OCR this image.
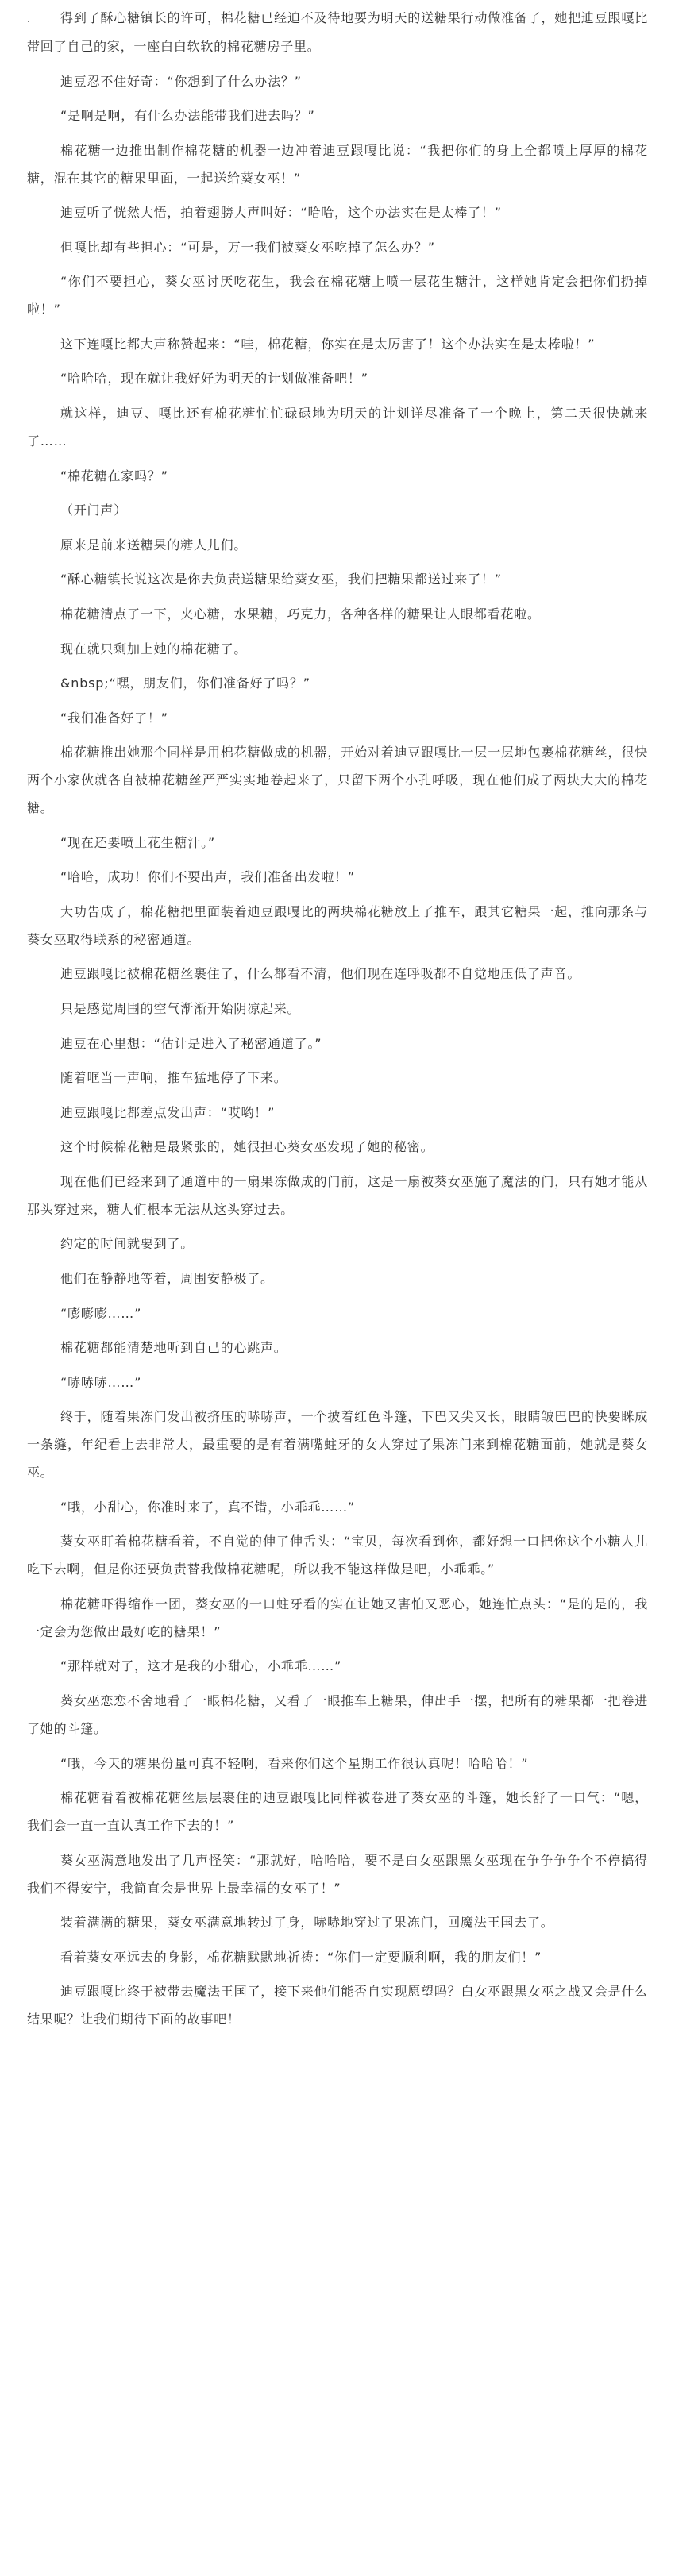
. 得到了酥心糖镇长的许可，棉花糖已经迫不及待地要为明天的送糖果行动做准备了，她把迪豆跟嘎比带回了自己的家，一座白白软软的棉花糖房子里。

迪豆忍不住好奇：“你想到了什么办法？”

“是啊是啊，有什么办法能带我们进去吗？”

棉花糖一边推出制作棉花糖的机器一边冲着迪豆跟嘎比说：“我把你们的身上全都喷上厚厚的棉花糖，混在其它的糖果里面，一起送给葵女巫！”

迪豆听了恍然大悟，拍着翅膀大声叫好：“哈哈，这个办法实在是太棒了！”

但嘎比却有些担心：“可是，万一我们被葵女巫吃掉了怎么办？”

“你们不要担心，葵女巫讨厌吃花生，我会在棉花糖上喷一层花生糖汁，这样她肯定会把你们扔掉啦！”

这下连嘎比都大声称赞起来：“哇，棉花糖，你实在是太厉害了！这个办法实在是太棒啦！”

“哈哈哈，现在就让我好好为明天的计划做准备吧！”

就这样，迪豆、嘎比还有棉花糖忙忙碌碌地为明天的计划详尽准备了一个晚上，第二天很快就来了……

“棉花糖在家吗？”

（开门声）

原来是前来送糖果的糖人儿们。

“酥心糖镇长说这次是你去负责送糖果给葵女巫，我们把糖果都送过来了！”

棉花糖清点了一下，夹心糖，水果糖，巧克力，各种各样的糖果让人眼都看花啦。

现在就只剩加上她的棉花糖了。

&nbsp;“嘿，朋友们，你们准备好了吗？”

“我们准备好了！”

棉花糖推出她那个同样是用棉花糖做成的机器，开始对着迪豆跟嘎比一层一层地包裹棉花糖丝，很快两个小家伙就各自被棉花糖丝严严实实地卷起来了，只留下两个小孔呼吸，现在他们成了两块大大的棉花糖。

“现在还要喷上花生糖汁。”

“哈哈，成功！你们不要出声，我们准备出发啦！”

大功告成了，棉花糖把里面装着迪豆跟嘎比的两块棉花糖放上了推车，跟其它糖果一起，推向那条与葵女巫取得联系的秘密通道。

迪豆跟嘎比被棉花糖丝裹住了，什么都看不清，他们现在连呼吸都不自觉地压低了声音。

只是感觉周围的空气渐渐开始阴凉起来。

迪豆在心里想：“估计是进入了秘密通道了。”

随着哐当一声响，推车猛地停了下来。

迪豆跟嘎比都差点发出声：“哎哟！”

这个时候棉花糖是最紧张的，她很担心葵女巫发现了她的秘密。

现在他们已经来到了通道中的一扇果冻做成的门前，这是一扇被葵女巫施了魔法的门，只有她才能从那头穿过来，糖人们根本无法从这头穿过去。

约定的时间就要到了。

他们在静静地等着，周围安静极了。

“嘭嘭嘭……”

棉花糖都能清楚地听到自己的心跳声。

“哧哧哧……”

终于，随着果冻门发出被挤压的哧哧声，一个披着红色斗篷，下巴又尖又长，眼睛皱巴巴的快要眯成一条缝，年纪看上去非常大，最重要的是有着满嘴蛀牙的女人穿过了果冻门来到棉花糖面前，她就是葵女巫。

“哦，小甜心，你准时来了，真不错，小乖乖……”

葵女巫盯着棉花糖看着，不自觉的伸了伸舌头：“宝贝，每次看到你，都好想一口把你这个小糖人儿吃下去啊，但是你还要负责替我做棉花糖呢，所以我不能这样做是吧，小乖乖。”

棉花糖吓得缩作一团，葵女巫的一口蛀牙看的实在让她又害怕又恶心，她连忙点头：“是的是的，我一定会为您做出最好吃的糖果！”

“那样就对了，这才是我的小甜心，小乖乖……”

葵女巫恋恋不舍地看了一眼棉花糖，又看了一眼推车上糖果，伸出手一摆，把所有的糖果都一把卷进了她的斗篷。

“哦，今天的糖果份量可真不轻啊，看来你们这个星期工作很认真呢！哈哈哈！”

棉花糖看着被棉花糖丝层层裹住的迪豆跟嘎比同样被卷进了葵女巫的斗篷，她长舒了一口气：“嗯，我们会一直一直认真工作下去的！”

葵女巫满意地发出了几声怪笑：“那就好，哈哈哈，要不是白女巫跟黑女巫现在争争争争个不停搞得我们不得安宁，我简直会是世界上最幸福的女巫了！”

装着满满的糖果，葵女巫满意地转过了身，哧哧地穿过了果冻门，回魔法王国去了。

看着葵女巫远去的身影，棉花糖默默地祈祷：“你们一定要顺利啊，我的朋友们！”

迪豆跟嘎比终于被带去魔法王国了，接下来他们能否自实现愿望吗？白女巫跟黑女巫之战又会是什么结果呢？让我们期待下面的故事吧！
